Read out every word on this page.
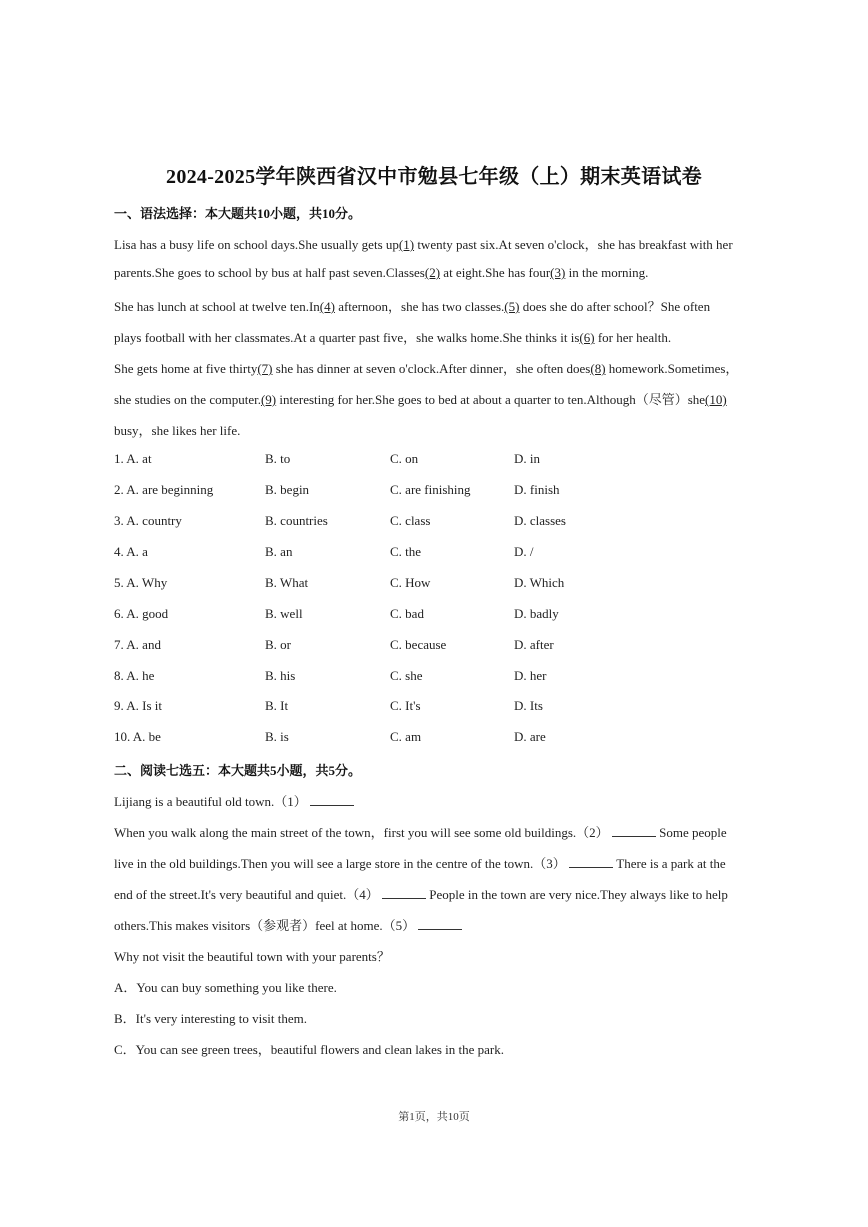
2024-2025学年陕西省汉中市勉县七年级（上）期末英语试卷
一、语法选择：本大题共10小题，共10分。
Lisa has a busy life on school days.She usually gets up(1) twenty past six.At seven o'clock，she has breakfast with her
parents.She goes to school by bus at half past seven.Classes(2) at eight.She has four(3) in the morning.
She has lunch at school at twelve ten.In(4) afternoon，she has two classes.(5) does she do after school？She often
plays football with her classmates.At a quarter past five，she walks home.She thinks it is(6) for her health.
She gets home at five thirty(7) she has dinner at seven o'clock.After dinner，she often does(8) homework.Sometimes，
she studies on the computer.(9) interesting for her.She goes to bed at about a quarter to ten.Although（尽管）she(10)
busy，she likes her life.
1. A. at	B. to	C. on	D. in
2. A. are beginning	B. begin	C. are finishing	D. finish
3. A. country	B. countries	C. class	D. classes
4. A. a	B. an	C. the	D. /
5. A. Why	B. What	C. How	D. Which
6. A. good	B. well	C. bad	D. badly
7. A. and	B. or	C. because	D. after
8. A. he	B. his	C. she	D. her
9. A. Is it	B. It	C. It's	D. Its
10. A. be	B. is	C. am	D. are
二、阅读七选五：本大题共5小题，共5分。
Lijiang is a beautiful old town.（1）
When you walk along the main street of the town，first you will see some old buildings.（2）	Some people
live in the old buildings.Then you will see a large store in the centre of the town.（3）	There is a park at the
end of the street.It's very beautiful and quiet.（4）	People in the town are very nice.They always like to help
others.This makes visitors（参观者）feel at home.（5）
Why not visit the beautiful town with your parents？
A．You can buy something you like there.
B．It's very interesting to visit them.
C．You can see green trees，beautiful flowers and clean lakes in the park.
第1页，共10页
